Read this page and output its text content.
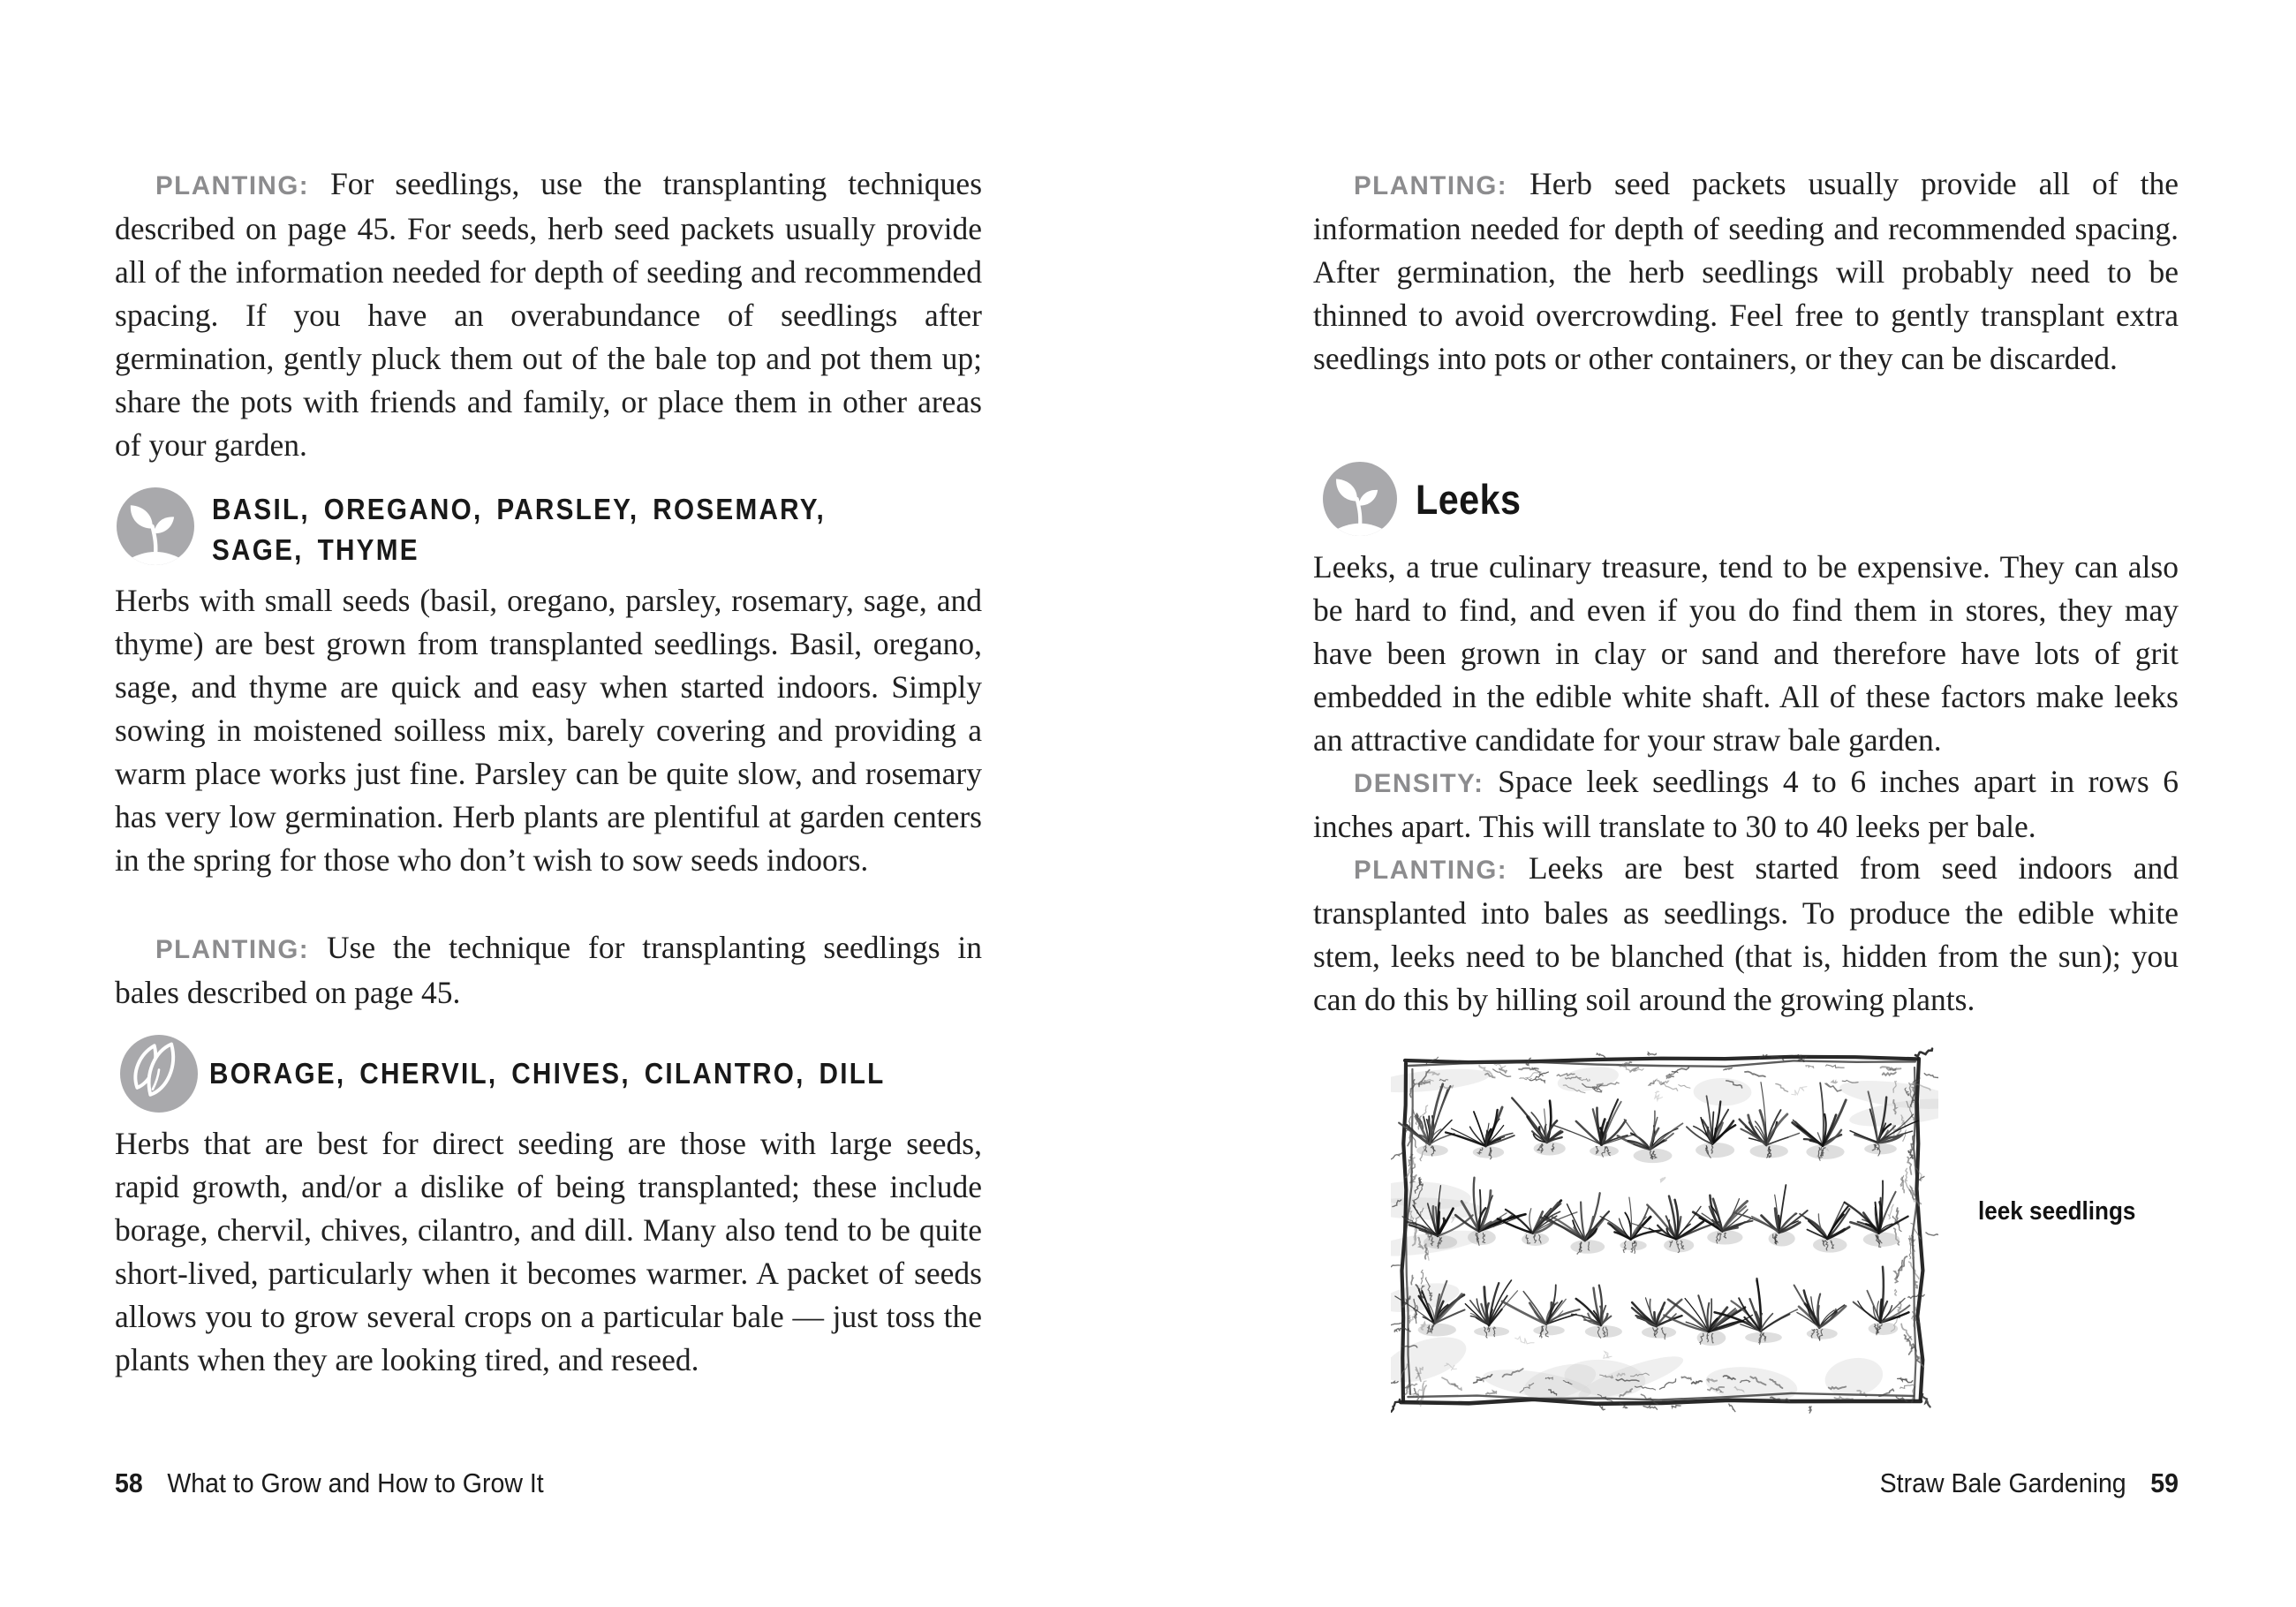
PLANTING: For seedlings, use the transplanting techniques described on page 45. For seeds, herb seed packets usually provide all of the information needed for depth of seeding and recommended spacing. If you have an overabundance of seedlings after germination, gently pluck them out of the bale top and pot them up; share the pots with friends and family, or place them in other areas of your garden.

BASIL, OREGANO, PARSLEY, ROSEMARY,
SAGE, THYME

Herbs with small seeds (basil, oregano, parsley, rosemary, sage, and thyme) are best grown from transplanted seedlings. Basil, oregano, sage, and thyme are quick and easy when started indoors. Simply sowing in moistened soilless mix, barely covering and providing a warm place works just fine. Parsley can be quite slow, and rosemary has very low germination. Herb plants are plentiful at garden centers in the spring for those who don’t wish to sow seeds indoors.

PLANTING: Use the technique for transplanting seedlings in bales described on page 45.

BORAGE, CHERVIL, CHIVES, CILANTRO, DILL

Herbs that are best for direct seeding are those with large seeds, rapid growth, and/or a dislike of being transplanted; these include borage, chervil, chives, cilantro, and dill. Many also tend to be quite short-lived, particularly when it becomes warmer. A packet of seeds allows you to grow several crops on a particular bale — just toss the plants when they are looking tired, and reseed.

58 What to Grow and How to Grow It

PLANTING: Herb seed packets usually provide all of the information needed for depth of seeding and recommended spacing. After germination, the herb seedlings will probably need to be thinned to avoid overcrowding. Feel free to gently transplant extra seedlings into pots or other containers, or they can be discarded.

Leeks

Leeks, a true culinary treasure, tend to be expensive. They can also be hard to find, and even if you do find them in stores, they may have been grown in clay or sand and therefore have lots of grit embedded in the edible white shaft. All of these factors make leeks an attractive candidate for your straw bale garden.

DENSITY: Space leek seedlings 4 to 6 inches apart in rows 6 inches apart. This will translate to 30 to 40 leeks per bale.

PLANTING: Leeks are best started from seed indoors and transplanted into bales as seedlings. To produce the edible white stem, leeks need to be blanched (that is, hidden from the sun); you can do this by hilling soil around the growing plants.

leek seedlings
Straw Bale Gardening 59
